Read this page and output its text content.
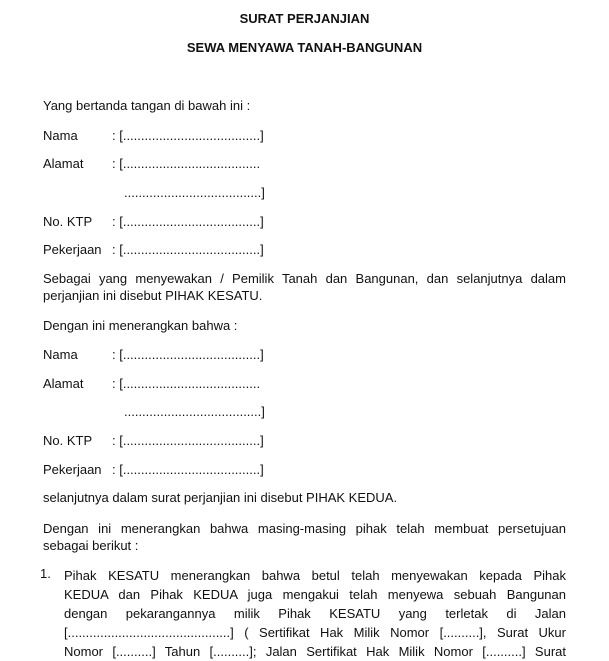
SURAT PERJANJIAN

SEWA MENYAWA TANAH-BANGUNAN

Yang bertanda tangan di bawah ini :

Nama	: [......................................]

Alamat : [......................................

......................................]

No. KTP : [......................................]

Pekerjaan : [......................................]

Sebagai yang menyewakan / Pemilik Tanah dan Bangunan, dan selanjutnya dalam perjanjian ini disebut PIHAK KESATU.

Dengan ini menerangkan bahwa :

Nama	: [......................................]

Alamat : [......................................

......................................]

No. KTP : [......................................]

Pekerjaan : [......................................]

selanjutnya dalam surat perjanjian ini disebut PIHAK KEDUA.

Dengan ini menerangkan bahwa masing-masing pihak telah membuat persetujuan sebagai berikut :

1. Pihak KESATU menerangkan bahwa betul telah menyewakan kepada Pihak
KEDUA dan Pihak KEDUA juga mengakui telah menyewa sebuah Bangunan
dengan pekarangannya milik Pihak KESATU yang terletak di Jalan
[.............................................] ( Sertifikat Hak Milik Nomor [..........], Surat Ukur
Nomor [..........] Tahun [..........]; Jalan Sertifikat Hak Milik Nomor [..........] Surat
